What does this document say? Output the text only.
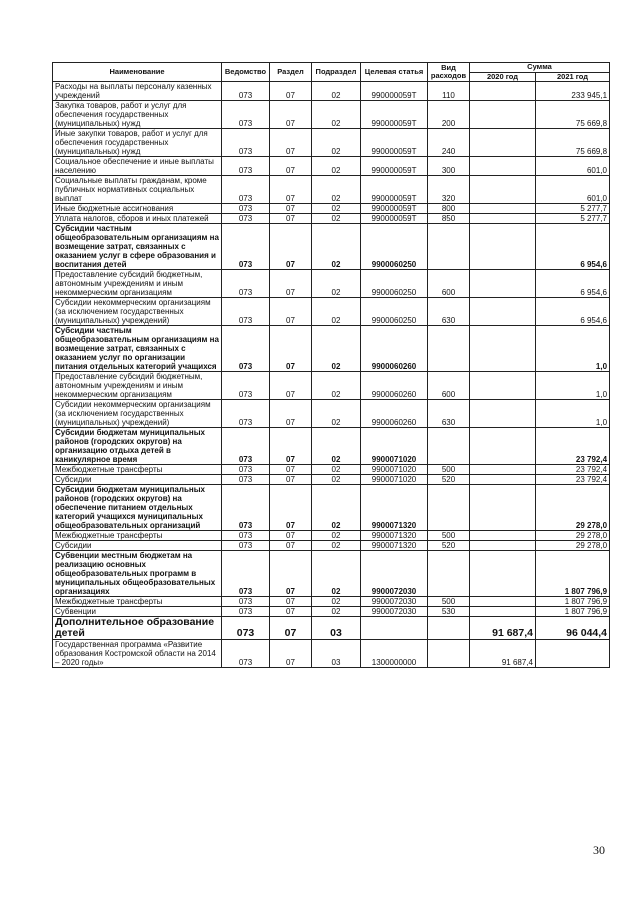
Наименование	Ведомство	Раздел	Подраздел	Целевая статья	Вид расходов	Сумма	
						2020 год	2021 год
Расходы на выплаты персоналу казенных учреждений	073	07	02	990000059Т	110		233 945,1
Закупка товаров, работ и услуг для обеспечения государственных (муниципальных) нужд	073	07	02	990000059Т	200		75 669,8
Иные закупки товаров, работ и услуг для обеспечения государственных (муниципальных) нужд	073	07	02	990000059Т	240		75 669,8
Социальное обеспечение и иные выплаты населению	073	07	02	990000059Т	300		601,0
Социальные выплаты гражданам, кроме публичных нормативных социальных выплат	073	07	02	990000059Т	320		601,0
Иные бюджетные ассигнования	073	07	02	990000059Т	800		5 277,7
Уплата налогов, сборов и иных платежей	073	07	02	990000059Т	850		5 277,7
Субсидии частным общеобразовательным организациям на возмещение затрат, связанных с оказанием услуг в сфере образования и воспитания детей	073	07	02	9900060250			6 954,6
Предоставление субсидий бюджетным, автономным учреждениям и иным некоммерческим организациям	073	07	02	9900060250	600		6 954,6
Субсидии некоммерческим организациям (за исключением государственных (муниципальных) учреждений)	073	07	02	9900060250	630		6 954,6
Субсидии частным общеобразовательным организациям на возмещение затрат, связанных с оказанием услуг по организации питания отдельных категорий учащихся	073	07	02	9900060260			1,0
Предоставление субсидий бюджетным, автономным учреждениям и иным некоммерческим организациям	073	07	02	9900060260	600		1,0
Субсидии некоммерческим организациям (за исключением государственных (муниципальных) учреждений)	073	07	02	9900060260	630		1,0
Субсидии бюджетам муниципальных районов (городских округов) на организацию отдыха детей в каникулярное время	073	07	02	9900071020			23 792,4
Межбюджетные трансферты	073	07	02	9900071020	500		23 792,4
Субсидии	073	07	02	9900071020	520		23 792,4
Субсидии бюджетам муниципальных районов (городских округов) на обеспечение питанием отдельных категорий учащихся муниципальных общеобразовательных организаций	073	07	02	9900071320			29 278,0
Межбюджетные трансферты	073	07	02	9900071320	500		29 278,0
Субсидии	073	07	02	9900071320	520		29 278,0
Субвенции местным бюджетам на реализацию основных общеобразовательных программ в муниципальных общеобразовательных организациях	073	07	02	9900072030			1 807 796,9
Межбюджетные трансферты	073	07	02	9900072030	500		1 807 796,9
Субвенции	073	07	02	9900072030	530		1 807 796,9
Дополнительное образование детей	073	07	03			91 687,4	96 044,4
Государственная программа «Развитие образования Костромской области на 2014 – 2020 годы»	073	07	03	1300000000		91 687,4	
30
